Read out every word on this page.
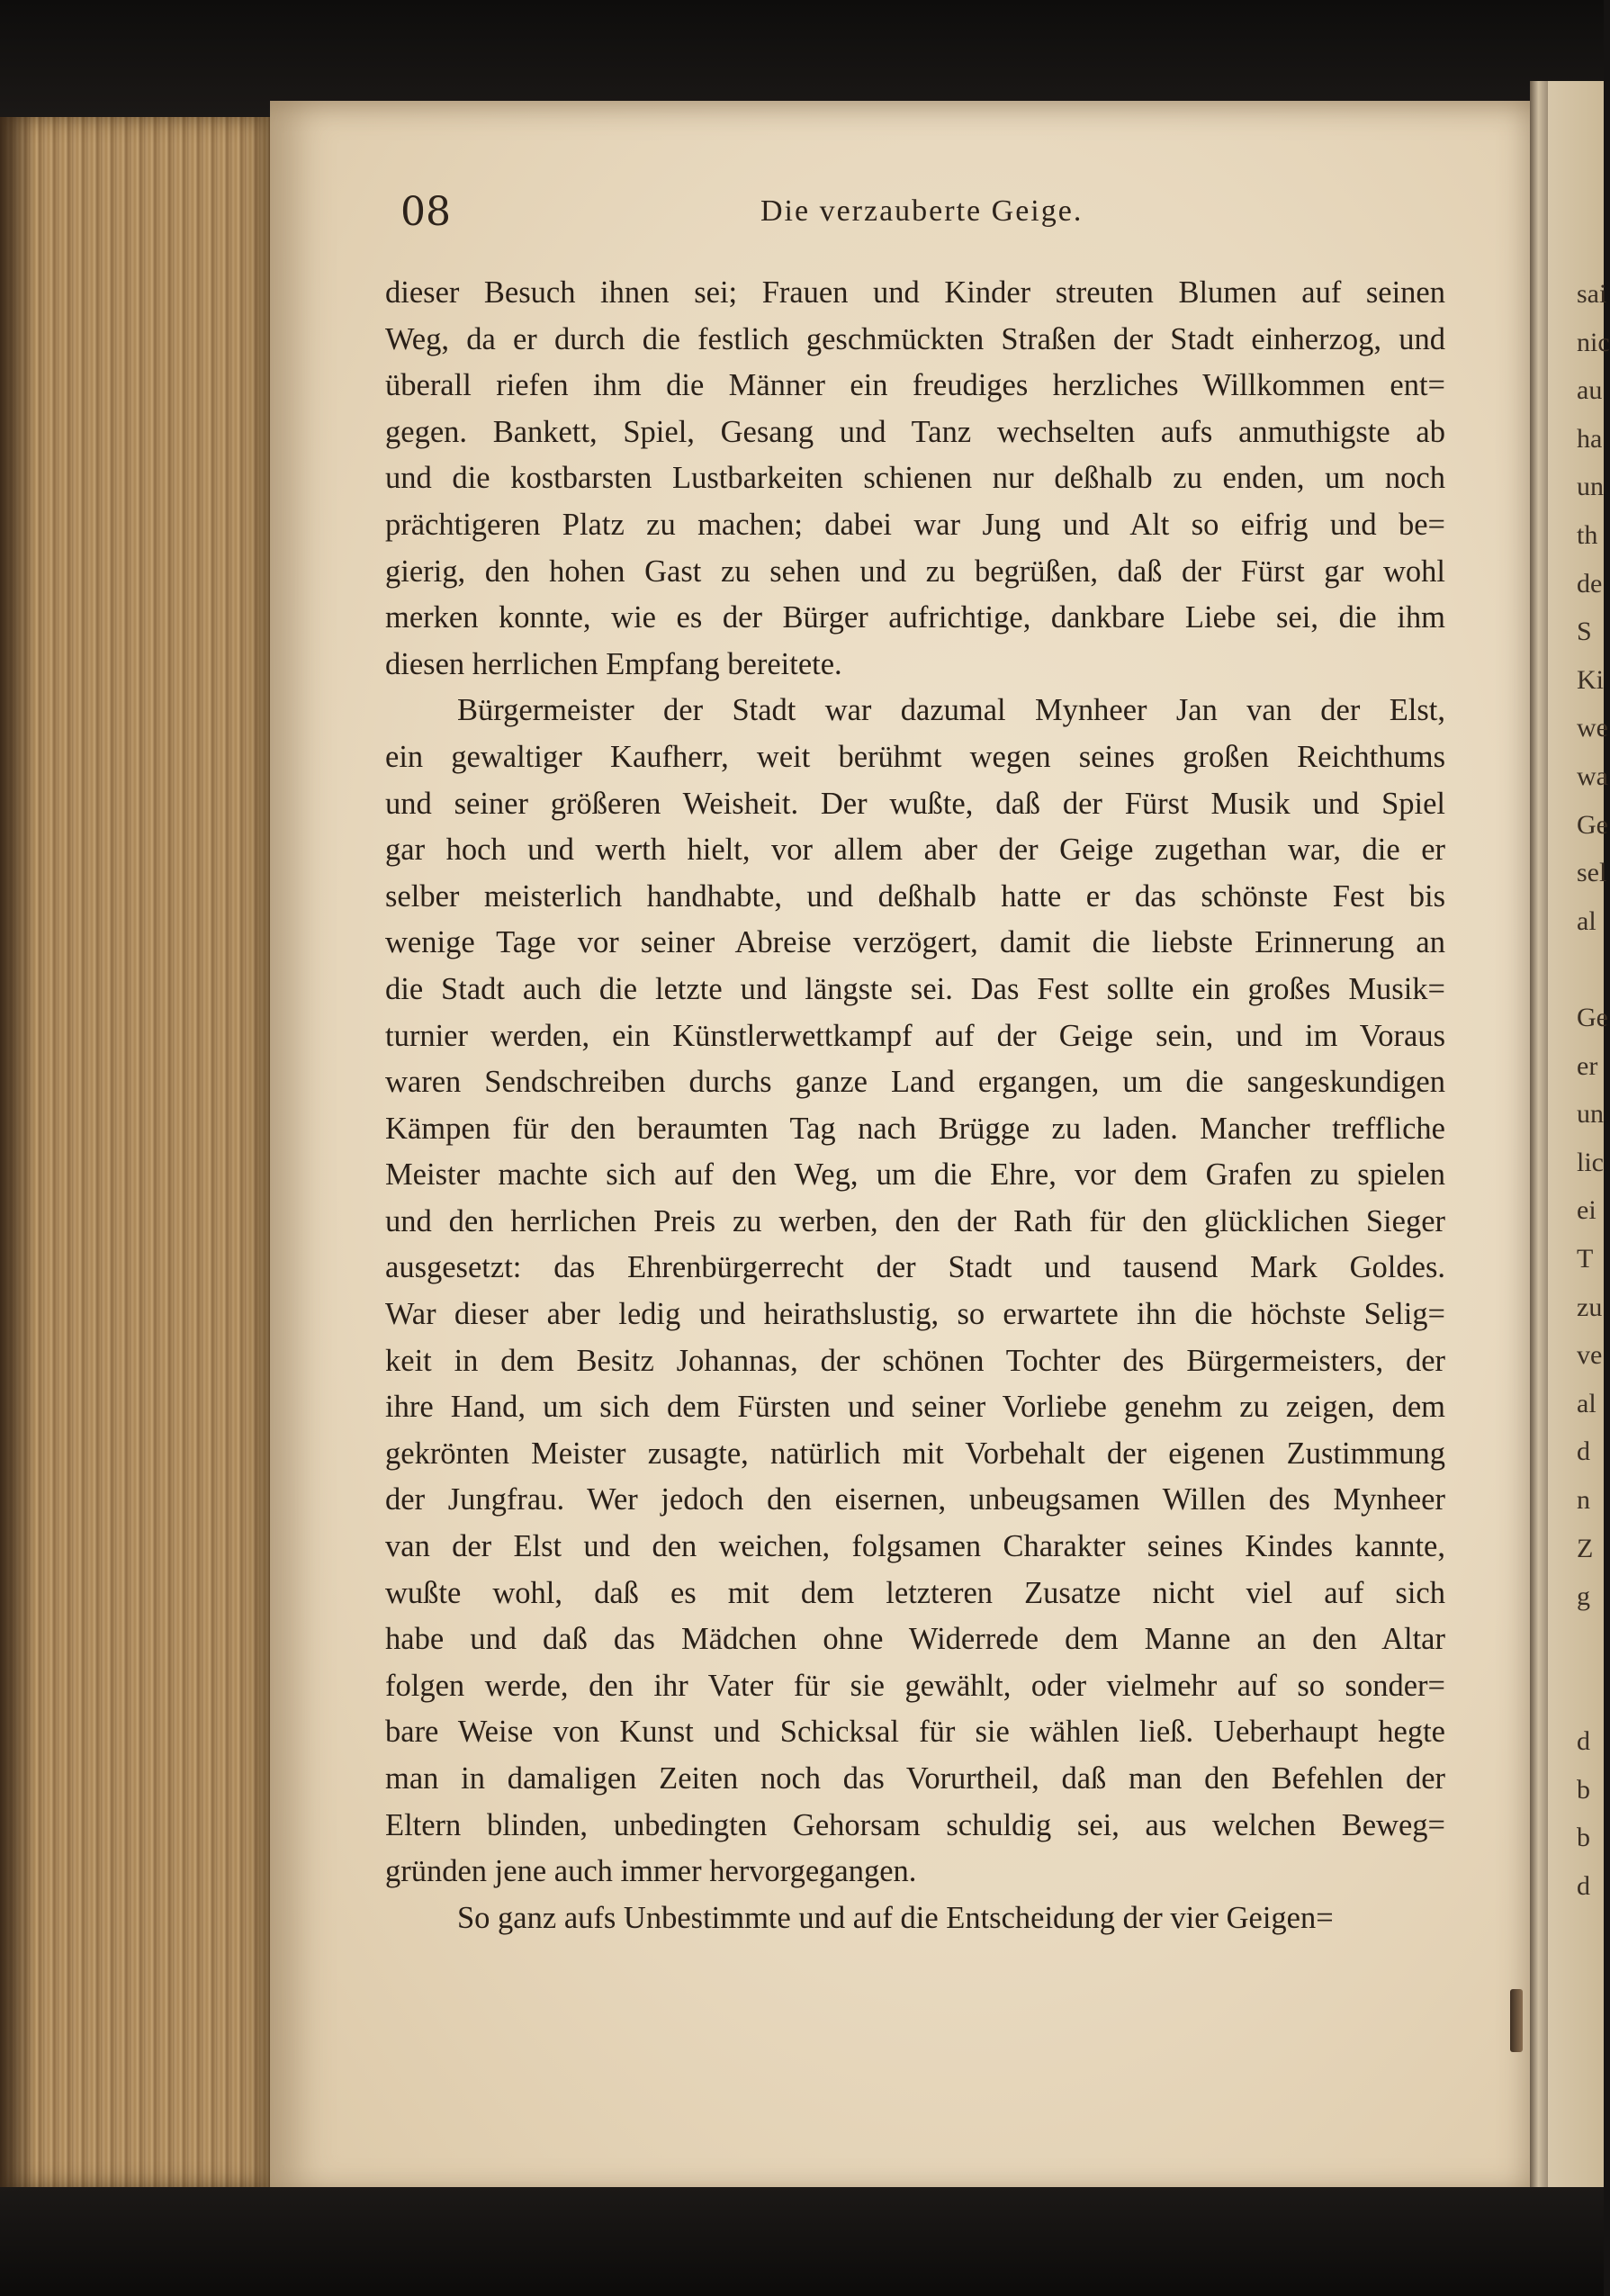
08	Die verzauberte Geige.
dieser Besuch ihnen sei; Frauen und Kinder streuten Blumen auf seinen
Weg, da er durch die festlich geschmückten Straßen der Stadt einherzog, und
überall riefen ihm die Männer ein freudiges herzliches Willkommen ent=
gegen. Bankett, Spiel, Gesang und Tanz wechselten aufs anmuthigste ab
und die kostbarsten Lustbarkeiten schienen nur deßhalb zu enden, um noch
prächtigeren Platz zu machen; dabei war Jung und Alt so eifrig und be=
gierig, den hohen Gast zu sehen und zu begrüßen, daß der Fürst gar wohl
merken konnte, wie es der Bürger aufrichtige, dankbare Liebe sei, die ihm
diesen herrlichen Empfang bereitete.
Bürgermeister der Stadt war dazumal Mynheer Jan van der Elst,
ein gewaltiger Kaufherr, weit berühmt wegen seines großen Reichthums
und seiner größeren Weisheit. Der wußte, daß der Fürst Musik und Spiel
gar hoch und werth hielt, vor allem aber der Geige zugethan war, die er
selber meisterlich handhabte, und deßhalb hatte er das schönste Fest bis
wenige Tage vor seiner Abreise verzögert, damit die liebste Erinnerung an
die Stadt auch die letzte und längste sei. Das Fest sollte ein großes Musik=
turnier werden, ein Künstlerwettkampf auf der Geige sein, und im Voraus
waren Sendschreiben durchs ganze Land ergangen, um die sangeskundigen
Kämpen für den beraumten Tag nach Brügge zu laden. Mancher treffliche
Meister machte sich auf den Weg, um die Ehre, vor dem Grafen zu spielen
und den herrlichen Preis zu werben, den der Rath für den glücklichen Sieger
ausgesetzt: das Ehrenbürgerrecht der Stadt und tausend Mark Goldes.
War dieser aber ledig und heirathslustig, so erwartete ihn die höchste Selig=
keit in dem Besitz Johannas, der schönen Tochter des Bürgermeisters, der
ihre Hand, um sich dem Fürsten und seiner Vorliebe genehm zu zeigen, dem
gekrönten Meister zusagte, natürlich mit Vorbehalt der eigenen Zustimmung
der Jungfrau. Wer jedoch den eisernen, unbeugsamen Willen des Mynheer
van der Elst und den weichen, folgsamen Charakter seines Kindes kannte,
wußte wohl, daß es mit dem letzteren Zusatze nicht viel auf sich
habe und daß das Mädchen ohne Widerrede dem Manne an den Altar
folgen werde, den ihr Vater für sie gewählt, oder vielmehr auf so sonder=
bare Weise von Kunst und Schicksal für sie wählen ließ. Ueberhaupt hegte
man in damaligen Zeiten noch das Vorurtheil, daß man den Befehlen der
Eltern blinden, unbedingten Gehorsam schuldig sei, aus welchen Beweg=
gründen jene auch immer hervorgegangen.
So ganz aufs Unbestimmte und auf die Entscheidung der vier Geigen=
sai
nic
au
ha
un
th
de
S
Ki
we
wa
Ge
sel
al
Ge
er
un
lic
ei
T
zu
ve
al
d
n
Z
g
d
b
b
d
